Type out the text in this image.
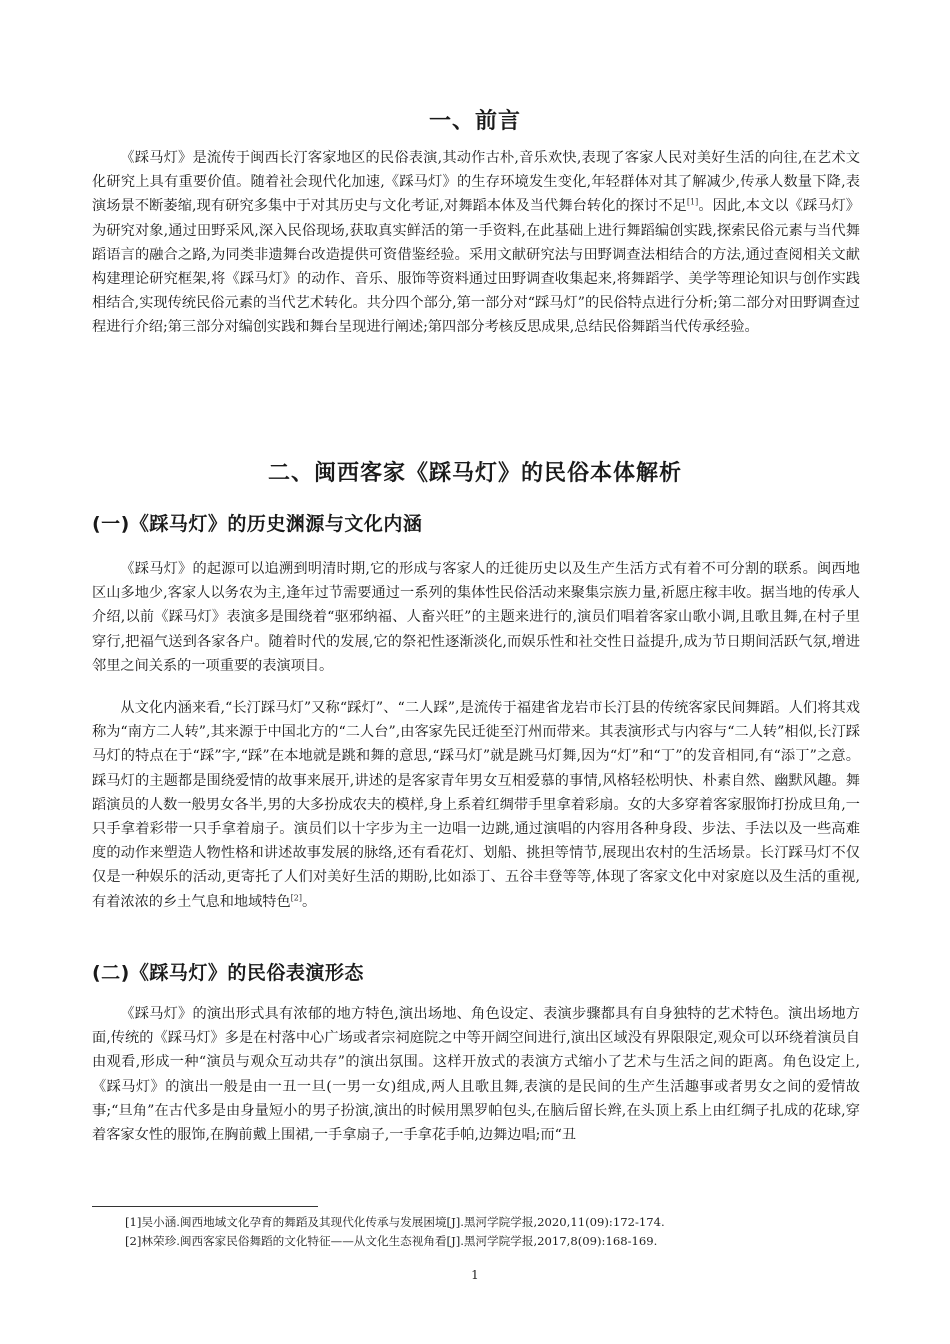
一、前言

《踩马灯》是流传于闽西长汀客家地区的民俗表演,其动作古朴,音乐欢快,表现了客家人民对美好生活的向往,在艺术文化研究上具有重要价值。随着社会现代化加速,《踩马灯》的生存环境发生变化,年轻群体对其了解减少,传承人数量下降,表演场景不断萎缩,现有研究多集中于对其历史与文化考证,对舞蹈本体及当代舞台转化的探讨不足[1]。因此,本文以《踩马灯》为研究对象,通过田野采风,深入民俗现场,获取真实鲜活的第一手资料,在此基础上进行舞蹈编创实践,探索民俗元素与当代舞蹈语言的融合之路,为同类非遗舞台改造提供可资借鉴经验。采用文献研究法与田野调查法相结合的方法,通过查阅相关文献构建理论研究框架,将《踩马灯》的动作、音乐、服饰等资料通过田野调查收集起来,将舞蹈学、美学等理论知识与创作实践相结合,实现传统民俗元素的当代艺术转化。共分四个部分,第一部分对“踩马灯”的民俗特点进行分析;第二部分对田野调查过程进行介绍;第三部分对编创实践和舞台呈现进行阐述;第四部分考核反思成果,总结民俗舞蹈当代传承经验。

二、闽西客家《踩马灯》的民俗本体解析
(一)《踩马灯》的历史渊源与文化内涵

《踩马灯》的起源可以追溯到明清时期,它的形成与客家人的迁徙历史以及生产生活方式有着不可分割的联系。闽西地区山多地少,客家人以务农为主,逢年过节需要通过一系列的集体性民俗活动来聚集宗族力量,祈愿庄稼丰收。据当地的传承人介绍,以前《踩马灯》表演多是围绕着“驱邪纳福、人畜兴旺”的主题来进行的,演员们唱着客家山歌小调,且歌且舞,在村子里穿行,把福气送到各家各户。随着时代的发展,它的祭祀性逐渐淡化,而娱乐性和社交性日益提升,成为节日期间活跃气氛,增进邻里之间关系的一项重要的表演项目。

从文化内涵来看,“长汀踩马灯”又称“踩灯”、“二人踩”,是流传于福建省龙岩市长汀县的传统客家民间舞蹈。人们将其戏称为“南方二人转”,其来源于中国北方的“二人台”,由客家先民迁徙至汀州而带来。其表演形式与内容与“二人转”相似,长汀踩马灯的特点在于“踩”字,“踩”在本地就是跳和舞的意思,“踩马灯”就是跳马灯舞,因为“灯”和“丁”的发音相同,有“添丁”之意。踩马灯的主题都是围绕爱情的故事来展开,讲述的是客家青年男女互相爱慕的事情,风格轻松明快、朴素自然、幽默风趣。舞蹈演员的人数一般男女各半,男的大多扮成农夫的模样,身上系着红绸带手里拿着彩扇。女的大多穿着客家服饰打扮成旦角,一只手拿着彩带一只手拿着扇子。演员们以十字步为主一边唱一边跳,通过演唱的内容用各种身段、步法、手法以及一些高难度的动作来塑造人物性格和讲述故事发展的脉络,还有看花灯、划船、挑担等情节,展现出农村的生活场景。长汀踩马灯不仅仅是一种娱乐的活动,更寄托了人们对美好生活的期盼,比如添丁、五谷丰登等等,体现了客家文化中对家庭以及生活的重视,有着浓浓的乡土气息和地域特色[2]。

(二)《踩马灯》的民俗表演形态

《踩马灯》的演出形式具有浓郁的地方特色,演出场地、角色设定、表演步骤都具有自身独特的艺术特色。演出场地方面,传统的《踩马灯》多是在村落中心广场或者宗祠庭院之中等开阔空间进行,演出区域没有界限限定,观众可以环绕着演员自由观看,形成一种“演员与观众互动共存”的演出氛围。这样开放式的表演方式缩小了艺术与生活之间的距离。角色设定上,《踩马灯》的演出一般是由一丑一旦(一男一女)组成,两人且歌且舞,表演的是民间的生产生活趣事或者男女之间的爱情故事;“旦角”在古代多是由身量短小的男子扮演,演出的时候用黑罗帕包头,在脑后留长辫,在头顶上系上由红绸子扎成的花球,穿着客家女性的服饰,在胸前戴上围裙,一手拿扇子,一手拿花手帕,边舞边唱;而“丑

[1]吴小涵.闽西地域文化孕育的舞蹈及其现代化传承与发展困境[J].黑河学院学报,2020,11(09):172-174.
[2]林荣珍.闽西客家民俗舞蹈的文化特征——从文化生态视角看[J].黑河学院学报,2017,8(09):168-169.
1
